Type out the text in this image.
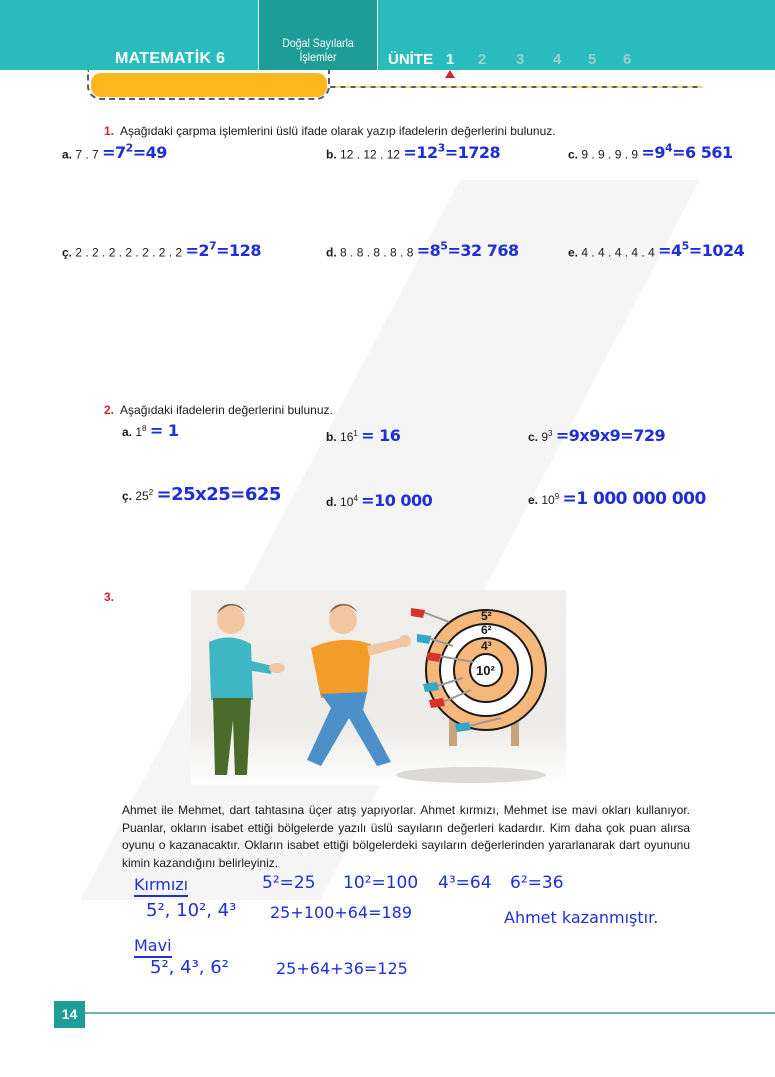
MATEMATİK 6
Doğal Sayılarla
İşlemler	ÜNİTE 1 2 3 4 5 6
1. Aşağıdaki çarpma işlemlerini üslü ifade olarak yazıp ifadelerin değerlerini bulunuz.
a. 7 . $7 =7^2=49$	b. 12 . 12 . $12 =12^3=1728$	c. 9 . 9 . 9 . $9 =9^4=6$ 561
ç. 2 . 2 . 2 . 2 . 2 . 2 . $2 =2^7=128$	d. 8 . 8 . 8 . 8 . $8 =8^5=32$ 768	e. 4 . 4 . 4 . 4 . $4 =4^5=1024$
2. Aşağıdaki ifadelerin değerlerini bulunuz.
a. $1^8 = 1$	b. $16^1 = 16$	c. $9^3 =9x9x9=729$
ç. $25^2 =25x25=625$	d. $10^4 =10$ 000	e. $10^9 =1$ 000 000 000
3.
5²
6²
4³
10²
Ahmet ile Mehmet, dart tahtasına üçer atış yapıyorlar. Ahmet kırmızı, Mehmet ise mavi okları kullanıyor. Puanlar, okların isabet ettiği bölgelerde yazılı üslü sayıların değerleri kadardır. Kim daha çok puan alırsa oyunu o kazanacaktır. Okların isabet ettiği bölgelerdeki sayıların değerlerinden yararlanarak dart oyununu kimin kazandığını belirleyiniz.
Kırmızı
5², 10², 4³
Mavi
5², 4³, 6²
5²=25 10²=100 4³=64 6²=36
25+100+64=189
25+64+36=125
Ahmet kazanmıştır.
14
